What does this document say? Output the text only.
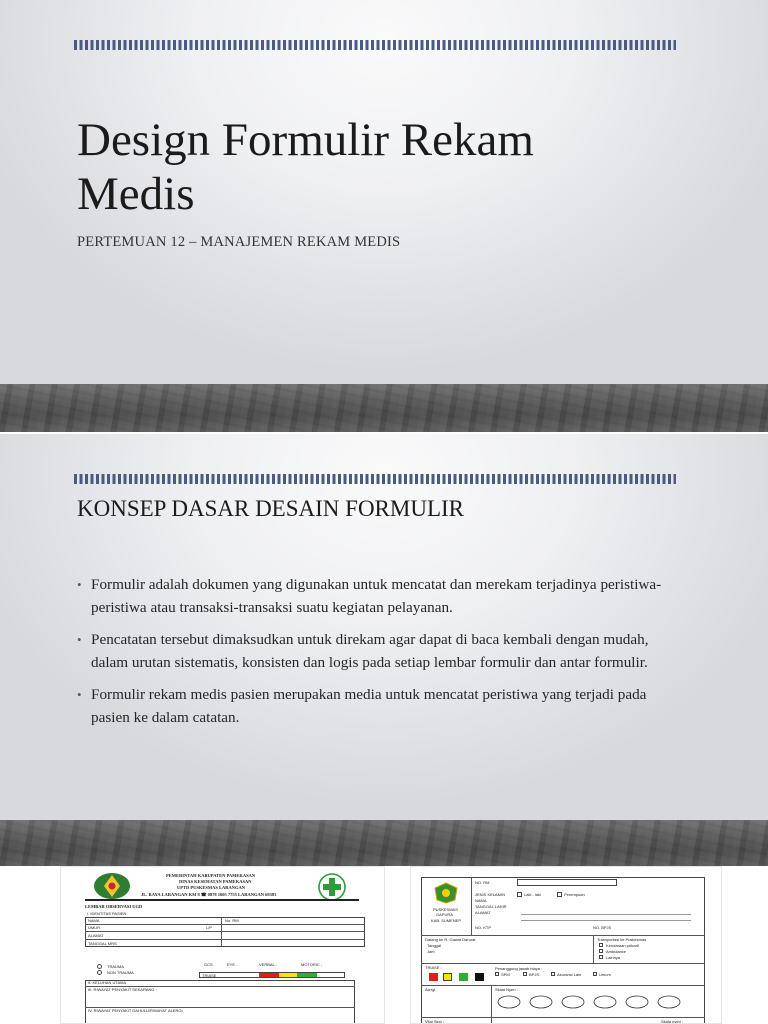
Design Formulir Rekam
Medis
PERTEMUAN 12 – MANAJEMEN REKAM MEDIS
KONSEP DASAR DESAIN FORMULIR
• Formulir adalah dokumen yang digunakan untuk mencatat dan merekam terjadinya peristiwa-peristiwa atau transaksi-transaksi suatu kegiatan pelayanan.
• Pencatatan tersebut dimaksudkan untuk direkam agar dapat di baca kembali dengan mudah, dalam urutan sistematis, konsisten dan logis pada setiap lembar formulir dan antar formulir.
• Formulir rekam medis pasien merupakan media untuk mencatat peristiwa yang terjadi pada pasien ke dalam catatan.
PEMERINTAH KABUPATEN PAMEKASAN
DINAS KESEHATAN PAMEKASAN
UPTD PUSKESMAS LARANGAN
JL. RAYA LARANGAN KM 8 ☎ 0878 1605 7755 LARANGAN 69383
LEMBAR OBSERVASI UGD
I. IDENTITAS PASIEN
NAMA	No. RM
UMUR	L/P
ALAMAT
TANGGAL MRS
TRAUMA
NON TRAUMA
GCS	EYE -	VERBAL -	MOTORIC -
TRIASE
II. KELUHAN UTAMA
III. RIWAYAT PENYAKIT SEKARANG :
IV. RIWAYAT PENYAKIT DAHULU/RIWAYAT ALERGI
PUSKESMAS
GAPURA
KAB. SUMENEP
NO. RM
JENIS KELAMIN	Laki - laki	Perempuan
NAMA
TANGGAL LAHIR
ALAMAT
NO. KTP	NO. BPJS
Datang ke R. Gawat Darurat
Tanggal
Jam
Transportasi ke Puskesmas
Kendaraan pribadi
Ambulance
Lainnya
TRIASE :	Penanggung jawab biaya :
SPM	BPJS	Asuransi Lain	Umum
Alergi	Skala Nyeri :
Vital Sign :	Skala nyeri :
